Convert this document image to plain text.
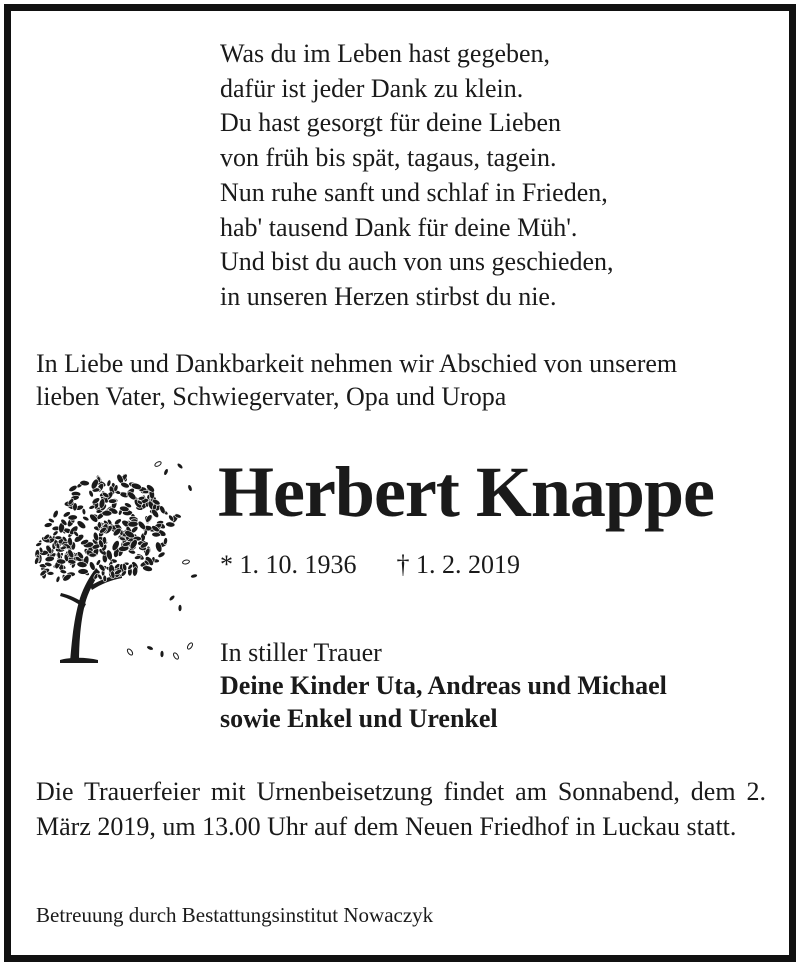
Was du im Leben hast gegeben,
dafür ist jeder Dank zu klein.
Du hast gesorgt für deine Lieben
von früh bis spät, tagaus, tagein.
Nun ruhe sanft und schlaf in Frieden,
hab' tausend Dank für deine Müh'.
Und bist du auch von uns geschieden,
in unseren Herzen stirbst du nie.
In Liebe und Dankbarkeit nehmen wir Abschied von unserem
lieben Vater, Schwiegervater, Opa und Uropa
Herbert Knappe
* 1. 10. 1936 † 1. 2. 2019
In stiller Trauer
Deine Kinder Uta, Andreas und Michael
sowie Enkel und Urenkel
Die Trauerfeier mit Urnenbeisetzung findet am Sonnabend, dem 2. März 2019, um 13.00 Uhr auf dem Neuen Friedhof in Luckau statt.
Betreuung durch Bestattungsinstitut Nowaczyk
